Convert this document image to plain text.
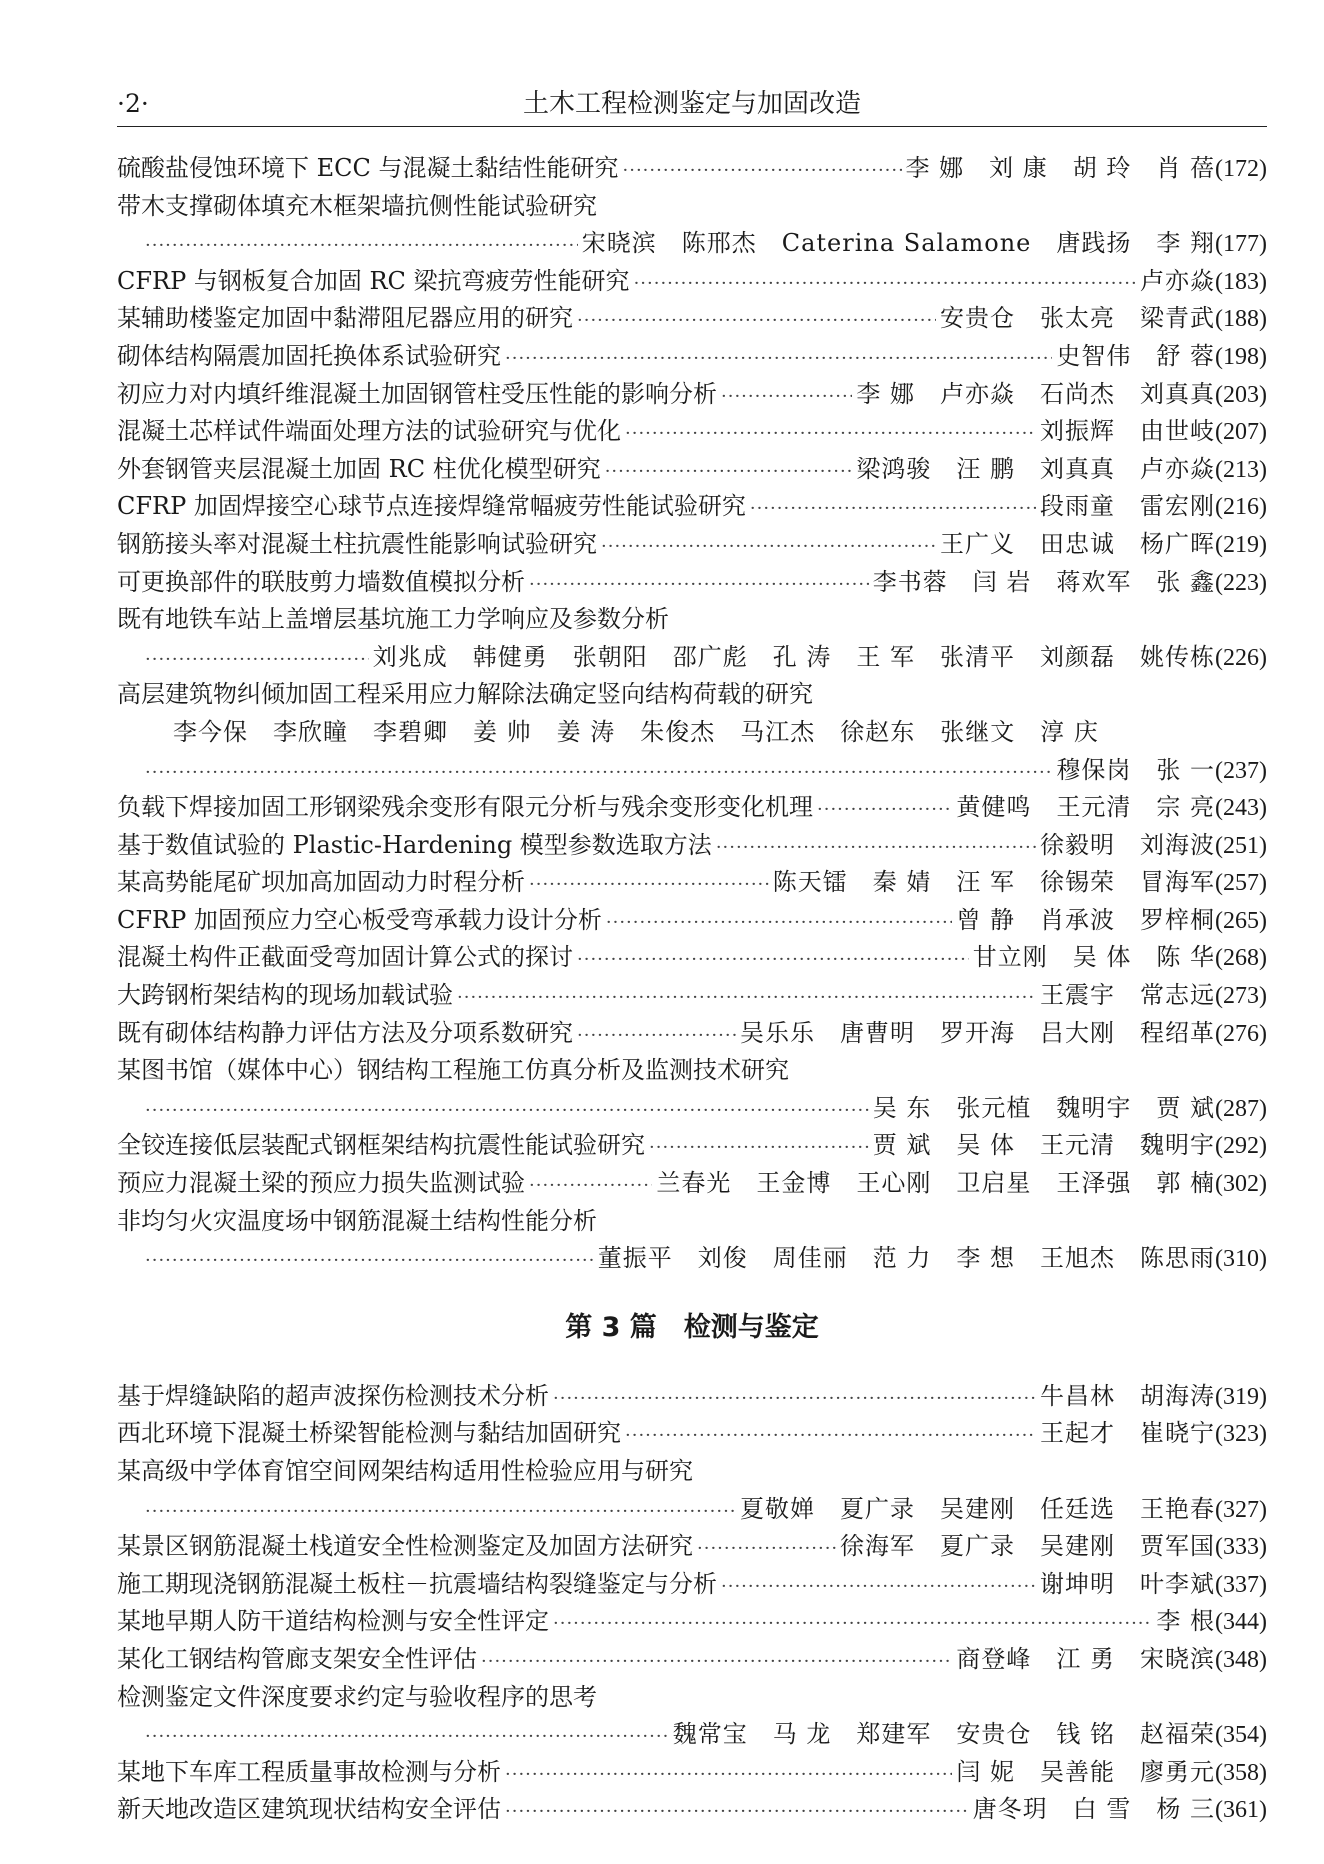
·2·	土木工程检测鉴定与加固改造
硫酸盐侵蚀环境下 ECC 与混凝土黏结性能研究 ·····	李 娜　刘 康　胡 玲　肖 蓓 (172)
带木支撑砌体填充木框架墙抗侧性能试验研究
·····
宋晓滨　陈邢杰　Caterina Salamone　唐践扬　李 翔 (177)
CFRP 与钢板复合加固 RC 梁抗弯疲劳性能研究 ·····	卢亦焱 (183)
某辅助楼鉴定加固中黏滞阻尼器应用的研究 ·····	安贵仓　张太亮　梁青武 (188)
砌体结构隔震加固托换体系试验研究 ·····	史智伟　舒 蓉 (198)
初应力对内填纤维混凝土加固钢管柱受压性能的影响分析 ·····	李 娜　卢亦焱　石尚杰　刘真真 (203)
混凝土芯样试件端面处理方法的试验研究与优化 ·····	刘振辉　由世岐 (207)
外套钢管夹层混凝土加固 RC 柱优化模型研究 ·····	梁鸿骏　汪 鹏　刘真真　卢亦焱 (213)
CFRP 加固焊接空心球节点连接焊缝常幅疲劳性能试验研究 ·····	段雨童　雷宏刚 (216)
钢筋接头率对混凝土柱抗震性能影响试验研究 ·····	王广义　田忠诚　杨广晖 (219)
可更换部件的联肢剪力墙数值模拟分析 ·····	李书蓉　闫 岩　蒋欢军　张 鑫 (223)
既有地铁车站上盖增层基坑施工力学响应及参数分析
·····
刘兆成　韩健勇　张朝阳　邵广彪　孔 涛　王 军　张清平　刘颜磊　姚传栋 (226)
高层建筑物纠倾加固工程采用应力解除法确定竖向结构荷载的研究
李今保　李欣瞳　李碧卿　姜 帅　姜 涛　朱俊杰　马江杰　徐赵东　张继文　淳 庆
·····
穆保岗　张 一 (237)
负载下焊接加固工形钢梁残余变形有限元分析与残余变形变化机理 ·····	黄健鸣　王元清　宗 亮 (243)
基于数值试验的 Plastic-Hardening 模型参数选取方法 ·····	徐毅明　刘海波 (251)
某高势能尾矿坝加高加固动力时程分析 ·····	陈天镭　秦 婧　汪 军　徐锡荣　冒海军 (257)
CFRP 加固预应力空心板受弯承载力设计分析 ·····	曾 静　肖承波　罗梓桐 (265)
混凝土构件正截面受弯加固计算公式的探讨 ·····	甘立刚　吴 体　陈 华 (268)
大跨钢桁架结构的现场加载试验 ·····	王震宇　常志远 (273)
既有砌体结构静力评估方法及分项系数研究 ·····	吴乐乐　唐曹明　罗开海　吕大刚　程绍革 (276)
某图书馆（媒体中心）钢结构工程施工仿真分析及监测技术研究
·····
吴 东　张元植　魏明宇　贾 斌 (287)
全铰连接低层装配式钢框架结构抗震性能试验研究 ·····	贾 斌　吴 体　王元清　魏明宇 (292)
预应力混凝土梁的预应力损失监测试验 ·····	兰春光　王金博　王心刚　卫启星　王泽强　郭 楠 (302)
非均匀火灾温度场中钢筋混凝土结构性能分析
·····
董振平　刘俊　周佳丽　范 力　李 想　王旭杰　陈思雨 (310)
第 3 篇　检测与鉴定
基于焊缝缺陷的超声波探伤检测技术分析 ·····	牛昌林　胡海涛 (319)
西北环境下混凝土桥梁智能检测与黏结加固研究 ·····	王起才　崔晓宁 (323)
某高级中学体育馆空间网架结构适用性检验应用与研究
·····
夏敬婵　夏广录　吴建刚　任廷选　王艳春 (327)
某景区钢筋混凝土栈道安全性检测鉴定及加固方法研究 ·····	徐海军　夏广录　吴建刚　贾军国 (333)
施工期现浇钢筋混凝土板柱－抗震墙结构裂缝鉴定与分析 ·····	谢坤明　叶李斌 (337)
某地早期人防干道结构检测与安全性评定 ·····	李 根 (344)
某化工钢结构管廊支架安全性评估 ·····	商登峰　江 勇　宋晓滨 (348)
检测鉴定文件深度要求约定与验收程序的思考
·····
魏常宝　马 龙　郑建军　安贵仓　钱 铭　赵福荣 (354)
某地下车库工程质量事故检测与分析 ·····	闫 妮　吴善能　廖勇元 (358)
新天地改造区建筑现状结构安全评估 ·····	唐冬玥　白 雪　杨 三 (361)
